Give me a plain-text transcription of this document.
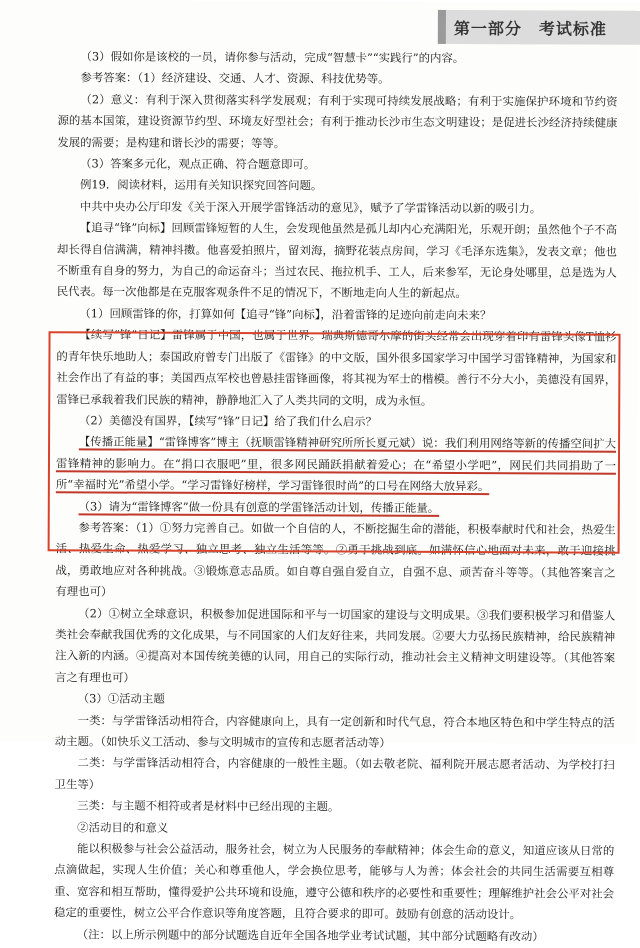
第一部分　考试标准

（3）假如你是该校的一员，请你参与活动，完成“智慧卡”“实践行”的内容。

参考答案：（1）经济建设、交通、人才、资源、科技优势等。

（2）意义：有利于深入贯彻落实科学发展观；有利于实现可持续发展战略；有利于实施保护环境和节约资源的基本国策，建设资源节约型、环境友好型社会；有利于推动长沙市生态文明建设；是促进长沙经济持续健康发展的需要；是构建和谐长沙的需要；等等。

（3）答案多元化，观点正确、符合题意即可。

例19．阅读材料，运用有关知识探究回答问题。

中共中央办公厅印发《关于深入开展学雷锋活动的意见》，赋予了学雷锋活动以新的吸引力。

【追寻“锋”向标】回顾雷锋短暂的人生，会发现他虽然是孤儿却内心充满阳光，乐观开朗；虽然他个子不高却长得自信满满，精神抖擞。他喜爱拍照片，留刘海，摘野花装点房间，学习《毛泽东选集》，发表文章；他也不断重有自身的努力，为自己的命运奋斗；当过农民、拖拉机手、工人，后来参军，无论身处哪里，总是选为人民代表。每一次他都是在克服客观条件不足的情况下，不断地走向人生的新起点。

（1）回顾雷锋的你，打算如何【追寻“锋”向标】，沿着雷锋的足迹向前走向未来？

【续写“锋”日记】雷锋属于中国，也属于世界。瑞典斯德哥尔摩的街头经常会出现穿着印有雷锋头像T恤衫的青年快乐地助人；泰国政府曾专门出版了《雷锋》的中文版，国外很多国家学习中国学习雷锋精神，为国家和社会作出了有益的事；美国西点军校也曾悬挂雷锋画像，将其视为军士的楷模。善行不分大小，美德没有国界，雷锋已承载着我们民族的精神，静静地汇入了人类共同的文明，成为永恒。

（2）美德没有国界，【续写“锋”日记】给了我们什么启示？

【传播正能量】“雷锋博客”博主（抚顺雷锋精神研究所所长夏元斌）说：我们利用网络等新的传播空间扩大雷锋精神的影响力。在“捐口衣服吧”里，很多网民踊跃捐献着爱心；在“希望小学吧”，网民们共同捐助了一所“幸福时光”希望小学。“学习雷锋好榜样，学习雷锋很时尚”的口号在网络大放异彩。

（3）请为“雷锋博客”做一份具有创意的学雷锋活动计划，传播正能量。

参考答案：（1）①努力完善自己。如做一个自信的人，不断挖掘生命的潜能，积极奉献时代和社会，热爱生活、热爱生命、热爱学习、独立思考、独立生活等等。②勇于挑战到底。如满怀信心地面对未来，敢于迎接挑战，勇敢地应对各种挑战。③锻炼意志品质。如自尊自强自爱自立，自强不息、顽苦奋斗等等。（其他答案言之有理也可）

（2）①树立全球意识，积极参加促进国际和平与一切国家的建设与文明成果。③我们要积极学习和借鉴人类社会奉献我国优秀的文化成果，与不同国家的人们友好往来，共同发展。②要大力弘扬民族精神，给民族精神注入新的内涵。④提高对本国传统美德的认同，用自己的实际行动，推动社会主义精神文明建设等。（其他答案言之有理也可）

（3）①活动主题

一类：与学雷锋活动相符合，内容健康向上，具有一定创新和时代气息，符合本地区特色和中学生特点的活动主题。（如快乐义工活动、参与文明城市的宣传和志愿者活动等）

二类：与学雷锋活动相符合，内容健康的一般性主题。（如去敬老院、福利院开展志愿者活动、为学校打扫卫生等）

三类：与主题不相符或者是材料中已经出现的主题。

②活动目的和意义

能以积极参与社会公益活动，服务社会，树立为人民服务的奉献精神；体会生命的意义，知道应该从日常的点滴做起，实现人生价值；关心和尊重他人，学会换位思考，能够与人为善；体会社会的共同生活需要互相尊重、宽容和相互帮助，懂得爱护公共环境和设施，遵守公德和秩序的必要性和重要性；理解维护社会公平对社会稳定的重要性，树立公平合作意识等角度答题，且符合要求的即可。鼓励有创意的活动设计。

（注：以上所示例题中的部分试题选自近年全国各地学业考试试题，其中部分试题略有改动）
